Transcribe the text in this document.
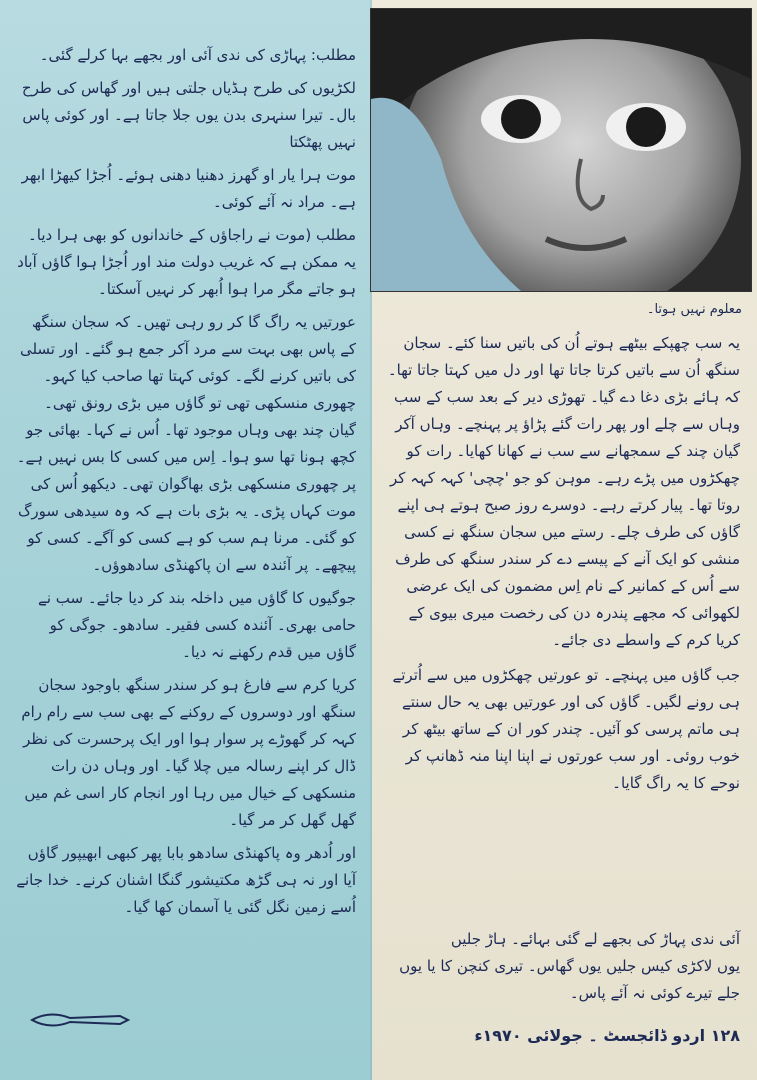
مطلب: پہاڑی کی ندی آئی اور بجھے بہا کرلے گئی۔

لکڑیوں کی طرح ہڈیاں جلتی ہیں اور گھاس کی طرح بال۔ تیرا سنہری بدن یوں جلا جاتا ہے۔ اور کوئی پاس نہیں پھٹکتا

موت ہرا یار او گھرز دھنیا دھنی ہوئے۔ اُجڑا کیھڑا ابھر ہے۔ مراد نہ آئے کوئی۔

مطلب (موت نے راجاؤں کے خاندانوں کو بھی ہرا دیا۔ یہ ممکن ہے کہ غریب دولت مند اور اُجڑا ہوا گاؤں آباد ہو جاتے مگر مرا ہوا اُبھر کر نہیں آسکتا۔

عورتیں یہ راگ گا کر رو رہی تھیں۔ کہ سجان سنگھ کے پاس بھی بہت سے مرد آکر جمع ہو گئے۔ اور تسلی کی باتیں کرنے لگے۔ کوئی کہتا تھا صاحب کیا کہو۔ چھوری منسکھی تھی تو گاؤں میں بڑی رونق تھی۔ گیان چند بھی وہاں موجود تھا۔ اُس نے کہا۔ بھائی جو کچھ ہونا تھا سو ہوا۔ اِس میں کسی کا بس نہیں ہے۔ پر چھوری منسکھی بڑی بھاگوان تھی۔ دیکھو اُس کی موت کہاں پڑی۔ یہ بڑی بات ہے کہ وہ سیدھی سورگ کو گئی۔ مرنا ہم سب کو ہے کسی کو آگے۔ کسی کو پیچھے۔ پر آئندہ سے ان پاکھنڈی سادھوؤں۔

جوگیوں کا گاؤں میں داخلہ بند کر دیا جائے۔ سب نے حامی بھری۔ آئندہ کسی فقیر۔ سادھو۔ جوگی کو گاؤں میں قدم رکھنے نہ دیا۔

کریا کرم سے فارغ ہو کر سندر سنگھ باوجود سجان سنگھ اور دوسروں کے روکنے کے بھی سب سے رام رام کہہ کر گھوڑے پر سوار ہوا اور ایک پرحسرت کی نظر ڈال کر اپنے رسالہ میں چلا گیا۔ اور وہاں دن رات منسکھی کے خیال میں رہا اور انجام کار اسی غم میں گھل گھل کر مر گیا۔

اور اُدھر وہ پاکھنڈی سادھو بابا پھر کبھی ابھیپور گاؤں آیا اور نہ ہی گڑھ مکتیشور گنگا اشنان کرنے۔ خدا جانے اُسے زمین نگل گئی یا آسمان کھا گیا۔

معلوم نہیں ہوتا۔

یہ سب چھپکے بیٹھے ہوتے اُن کی باتیں سنا کئے۔ سجان سنگھ اُن سے باتیں کرتا جاتا تھا اور دل میں کہتا جاتا تھا۔ کہ ہائے بڑی دغا دے گیا۔ تھوڑی دیر کے بعد سب کے سب وہاں سے چلے اور پھر رات گئے پڑاؤ پر پہنچے۔ وہاں آکر گیان چند کے سمجھانے سے سب نے کھانا کھایا۔ رات کو چھکڑوں میں پڑے رہے۔ موہن کو جو 'چچی' کہہ کہہ کر روتا تھا۔ پیار کرتے رہے۔ دوسرے روز صبح ہوتے ہی اپنے گاؤں کی طرف چلے۔ رستے میں سجان سنگھ نے کسی منشی کو ایک آنے کے پیسے دے کر سندر سنگھ کی طرف سے اُس کے کمانیر کے نام اِس مضمون کی ایک عرضی لکھوائی کہ مجھے پندرہ دن کی رخصت میری بیوی کے کریا کرم کے واسطے دی جائے۔

جب گاؤں میں پہنچے۔ تو عورتیں چھکڑوں میں سے اُترتے ہی رونے لگیں۔ گاؤں کی اور عورتیں بھی یہ حال سنتے ہی ماتم پرسی کو آئیں۔ چندر کور ان کے ساتھ بیٹھ کر خوب روئی۔ اور سب عورتوں نے اپنا اپنا منہ ڈھانپ کر نوحے کا یہ راگ گایا۔

آئی ندی پہاڑ کی بجھے لے گئی بہائے۔ ہاڑ جلیں

یوں لاکڑی کیس جلیں یوں گھاس۔ تیری کنچن کا یا یوں

جلے تیرے کوئی نہ آئے پاس۔

۱۲۸ اردو ڈائجسٹ ۔ جولائی ۱۹۷۰ء
